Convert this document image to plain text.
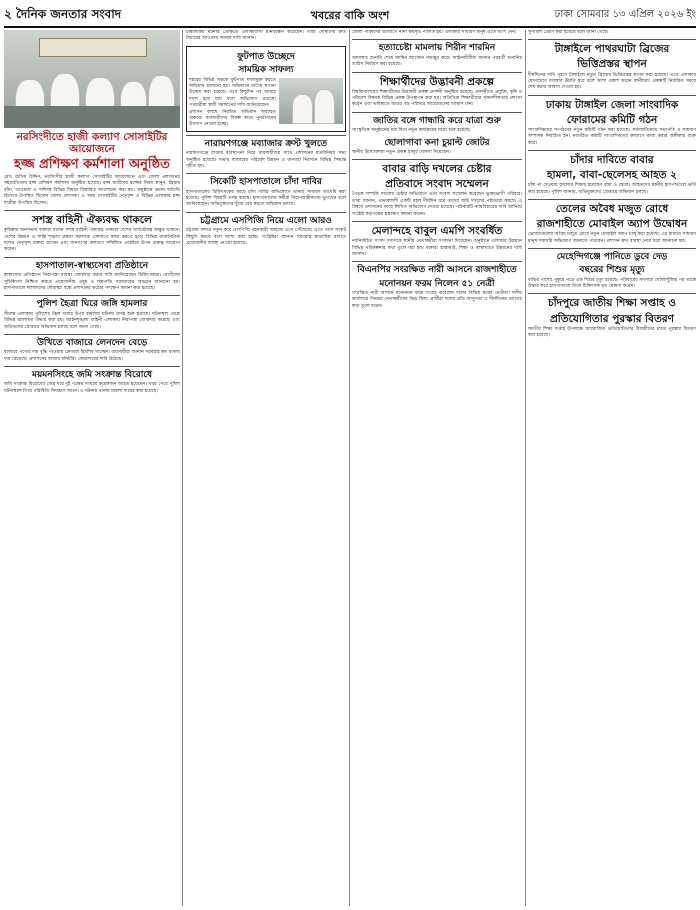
২ দৈনিক জনতার সংবাদ	খবরের বাকি অংশ	ঢাকা সোমবার ১৩ এপ্রিল ২০২৬ ইং
নরসিংদীতে হাজী কল্যাণ সোসাইটির আয়োজনে
হজ্জ প্রশিক্ষণ কর্মশালা অনুষ্ঠিত
মোঃ জসিম উদ্দিন, নরসিংদীর হাজী কল্যাণ সোসাইটির আয়োজনে এবং জেলা প্রশাসনের সহযোগিতায় হজ্জ প্রশিক্ষণ কর্মশালা অনুষ্ঠিত হয়েছে। হজ্জ যাত্রীদের হজ্জের নিয়ম কানুন, ইহরাম বাঁধা, তাওয়াফ ও সাঈসহ বিভিন্ন বিষয়ে বিস্তারিত আলোচনা করা হয়। অনুষ্ঠানে প্রধান অতিথি হিসেবে উপস্থিত ছিলেন জেলা প্রশাসক। এ সময় সোসাইটির নেতৃবৃন্দ ও বিভিন্ন এলাকার হজ্জ যাত্রীরা উপস্থিত ছিলেন।
সশস্ত্র বাহিনী ঐক্যবদ্ধ থাকলে
কুমিল্লার জনসভায় বক্তারা বলেন সশস্ত্র বাহিনী ঐক্যবদ্ধ থাকলে দেশের সার্বভৌমত্ব অক্ষুণ্ণ থাকবে। দেশের উন্নয়ন ও শান্তি শৃঙ্খলা রক্ষায় সকলকে একসাথে কাজ করতে হবে। বিভিন্ন রাজনৈতিক দলের নেতৃবৃন্দ বক্তব্য রাখেন এবং জনগণের কল্যাণে সম্মিলিত প্রচেষ্টার উপর গুরুত্ব আরোপ করেন।
হাসপাতাল-স্বাস্থ্যসেবা প্রতিষ্ঠানে
স্বাস্থ্যসেবা প্রতিষ্ঠানে নিরাপত্তা ব্যবস্থা জোরদার করার দাবি জানিয়েছেন চিকিৎসকরা। রোগীদের সুচিকিৎসা নিশ্চিত করতে প্রয়োজনীয় ওষুধ ও যন্ত্রপাতি সরবরাহের আহ্বান জানানো হয়। হাসপাতালে দালালদের দৌরাত্ম্য বন্ধে প্রশাসনের কঠোর পদক্ষেপ কামনা করা হয়েছে।
পুলিশ হৈত্রা ঘিরে জঙ্গি হামলার
সীমান্ত এলাকায় পুলিশের টহল দলের উপর হামলার ঘটনায় তদন্ত শুরু হয়েছে। ঘটনাস্থল থেকে বিভিন্ন আলামত উদ্ধার করা হয়। আইনশৃঙ্খলা বাহিনী এলাকায় নিরাপত্তা জোরদার করেছে এবং জড়িতদের গ্রেপ্তারে অভিযান চলছে বলে জানা গেছে।
উখিতে বাজারে লেনদেন বেড়ে
বাজারে পণ্যের দাম বৃদ্ধি পাওয়ায় ক্রেতারা হিমশিম খাচ্ছেন। ব্যবসায়ীরা জানান সরবরাহ কম থাকায় দাম বেড়েছে। প্রশাসনের বাজার মনিটরিং জোরদারের দাবি উঠেছে।
ময়মনসিংহে জমি সংক্রান্ত বিরোধে
জমি সংক্রান্ত বিরোধের জের ধরে দুই পক্ষের সংঘর্ষে কয়েকজন আহত হয়েছেন। খবর পেয়ে পুলিশ ঘটনাস্থলে গিয়ে পরিস্থিতি নিয়ন্ত্রণে আনে। এ ঘটনায় থানায় মামলা দায়ের করা হয়েছে।
চাঞ্চল্যকর ঘটনার প্রেক্ষিতে এলাকাবাসী মানববন্ধন করেছেন। তারা দোষীদের দ্রুত বিচারের আওতায় আনার দাবি জানান।
ফুটপাত উচ্ছেদে
সাময়িক সাফল্য
শহরের বিভিন্ন সড়কে ফুটপাত দখলমুক্ত করতে অভিযান চালানো হয়। অভিযানে অবৈধ স্থাপনা উচ্ছেদ করা হয়েছে। তবে কিছুদিন পর আবার দখল হয়ে যায় বলে অভিযোগ রয়েছে। পথচারীরা স্থায়ী সমাধানের দাবি জানিয়েছেন।
প্রশাসন বলছে নিয়মিত অভিযান অব্যাহত থাকবে। ব্যবসায়ীদের বিকল্প স্থানে পুনর্বাসনের উদ্যোগ নেওয়া হচ্ছে।
নারায়ণগঞ্জে মব্যাজার ক্রস্ট খুলতে
নারায়ণগঞ্জে বাজার ব্যবস্থাপনা নিয়ে ব্যবসায়ীদের সাথে প্রশাসনের মতবিনিময় সভা অনুষ্ঠিত হয়েছে। সভায় বাজারের পরিবেশ উন্নয়ন ও যানজট নিরসনে বিভিন্ন সিদ্ধান্ত গৃহীত হয়।
সিকেটি হাসপাতালে চাঁদা দাবির
হাসপাতালের চিকিৎসকের কাছে চাঁদা দাবির অভিযোগে থানায় সাধারণ ডায়েরি করা হয়েছে। পুলিশ বিষয়টি তদন্ত করছে। হাসপাতালের কর্মীরা নিরাপত্তাহীনতায় ভুগছেন বলে জানিয়েছেন। অভিযুক্তদের খুঁজে বের করতে অভিযান চলছে।
চট্টগ্রামে এসপিজি নিয়ে এলো আরও
চট্টগ্রাম বন্দরে নতুন করে এলপিজি বহনকারী জাহাজ এসে পৌঁছেছে। এতে গ্যাস সংকট কিছুটা কমবে বলে আশা করা হচ্ছে। সংশ্লিষ্টরা জানান সরবরাহ স্বাভাবিক রাখতে প্রয়োজনীয় ব্যবস্থা নেওয়া হয়েছে।
জেলা পরিষদের উদ্যোগে নানা কর্মসূচি পালিত হয়। এলাকার সাধারণ মানুষ এতে অংশ নেন।
হত্যাচেষ্টা মামলায় শিরীন শারমিন
আদালত শুনানি শেষে জামিন আবেদন নামঞ্জুর করে। আইনজীবীরা জানান পরবর্তী শুনানির তারিখ নির্ধারণ করা হয়েছে।
শিক্ষার্থীদের উদ্ভাবনী প্রকল্পে
বিশ্ববিদ্যালয়ের শিক্ষার্থীদের উদ্ভাবনী প্রকল্প প্রদর্শনী অনুষ্ঠিত হয়েছে। প্রদর্শনীতে প্রযুক্তি, কৃষি ও পরিবেশ বিষয়ক বিভিন্ন প্রকল্প উপস্থাপন করা হয়। অতিথিরা শিক্ষার্থীদের সৃজনশীলতার প্রশংসা করেন এবং ভবিষ্যতে আরও বড় পরিসরে আয়োজনের আশ্বাস দেন।
জাতির বঙ্গে গান্ধারি করে যাত্রা শুরু
সাংস্কৃতিক অনুষ্ঠানের মধ্য দিয়ে নতুন কার্যক্রমের যাত্রা শুরু হয়েছে।
ছোলাগাবা কনা চুয়াল্ট জোটর
স্থানীয় উদ্যোক্তারা নতুন প্রকল্প চালুর ঘোষণা দিয়েছেন।
বাবার বাড়ি দখলের চেষ্টার
প্রতিবাদে সংবাদ সম্মেলন
পৈতৃক সম্পত্তি দখলের চেষ্টার অভিযোগ এনে সংবাদ সম্মেলন করেছেন ভুক্তভোগী পরিবার। তারা জানান, প্রভাবশালী একটি মহল দীর্ঘদিন ধরে তাদের জমি দখলের পাঁয়তারা করছে। এ বিষয়ে প্রশাসনের কাছে লিখিত অভিযোগ দেওয়া হয়েছে। পরিবারটি ন্যায়বিচারের দাবি জানিয়ে সংশ্লিষ্ট কর্তৃপক্ষের হস্তক্ষেপ কামনা করেন।
মেলান্দহে বাবুল এমপি সংবর্ধিত
নবনির্বাচিত সংসদ সদস্যকে স্থানীয় নেতাকর্মীরা সংবর্ধনা দিয়েছেন। অনুষ্ঠানে এলাকার উন্নয়নে বিভিন্ন পরিকল্পনার কথা তুলে ধরা হয়। বক্তারা রাস্তাঘাট, শিক্ষা ও স্বাস্থ্যখাতে উন্নয়নের দাবি জানান।
বিএনপির সংরক্ষিত নারী আসনে রাজশাহীতে
মনোনয়ন ফরম নিলেন ৫১ নেত্রী
সংরক্ষিত নারী আসনে মনোনয়ন ফরম সংগ্রহ করেছেন দলের বিভিন্ন স্তরের নেত্রীরা। দলীয় কার্যালয়ে দিনভর নেতাকর্মীদের ভিড় ছিল। প্রার্থীরা দলের প্রতি আনুগত্য ও দীর্ঘদিনের ত্যাগের কথা তুলে ধরেন।
সুপারিশ প্রেরণ করা হয়েছে বলে জানা গেছে।
টাঙ্গাইলে পাথরঘাটা ব্রিজের
ভিত্তিপ্রস্তর স্থাপন
দীর্ঘদিনের দাবি পূরণে টাঙ্গাইলে নতুন ব্রিজের ভিত্তিপ্রস্তর স্থাপন করা হয়েছে। এতে এলাকার যোগাযোগ ব্যবস্থার উন্নতি হবে বলে আশা প্রকাশ করেন স্থানীয়রা। প্রকল্পটি নির্ধারিত সময়ে শেষ করার আশ্বাস দেওয়া হয়।
ঢাকায় টাঙ্গাইল জেলা সাংবাদিক
ফোরামের কমিটি গঠন
সাংবাদিকদের সংগঠনের নতুন কমিটি গঠন করা হয়েছে। সর্বসম্মতিক্রমে সভাপতি ও সাধারণ সম্পাদক নির্বাচিত হন। নবগঠিত কমিটি সাংবাদিকদের কল্যাণে কাজ করার অঙ্গীকার ব্যক্ত করে।
চাঁদার দাবিতে বাবার
হামলা, বাবা-ছেলেসহ আহত ২
চাঁদা না দেওয়ায় হামলার শিকার হয়েছেন বাবা ও ছেলে। আহতদের স্থানীয় হাসপাতালে ভর্তি করা হয়েছে। পুলিশ জানায়, অভিযুক্তদের গ্রেপ্তারে অভিযান চলছে।
তেলের অবৈধ মজুত রোধে
রাজশাহীতে মোবাইল অ্যাপ উদ্বোধন
ভোজ্যতেলের অবৈধ মজুত রোধে নতুন মোবাইল অ্যাপ চালু করা হয়েছে। এর মাধ্যমে সাধারণ মানুষ সরাসরি অভিযোগ জানাতে পারবেন। প্রশাসন দ্রুত ব্যবস্থা নেবে বলে জানানো হয়।
মেহেন্দিগঞ্জে পানিতে ডুবে দেড়
বছরের শিশুর মৃত্যু
বাড়ির পাশের পুকুরে পড়ে এক শিশুর মৃত্যু হয়েছে। পরিবারের সদস্যরা খোঁজাখুঁজির পর তাকে উদ্ধার করে হাসপাতালে নিলে চিকিৎসক মৃত ঘোষণা করেন।
চাঁদপুরে জাতীয় শিক্ষা সপ্তাহ ও
প্রতিযোগিতার পুরস্কার বিতরণ
জাতীয় শিক্ষা সপ্তাহ উপলক্ষে আয়োজিত প্রতিযোগিতার বিজয়ীদের মাঝে পুরস্কার বিতরণ করা হয়েছে।
